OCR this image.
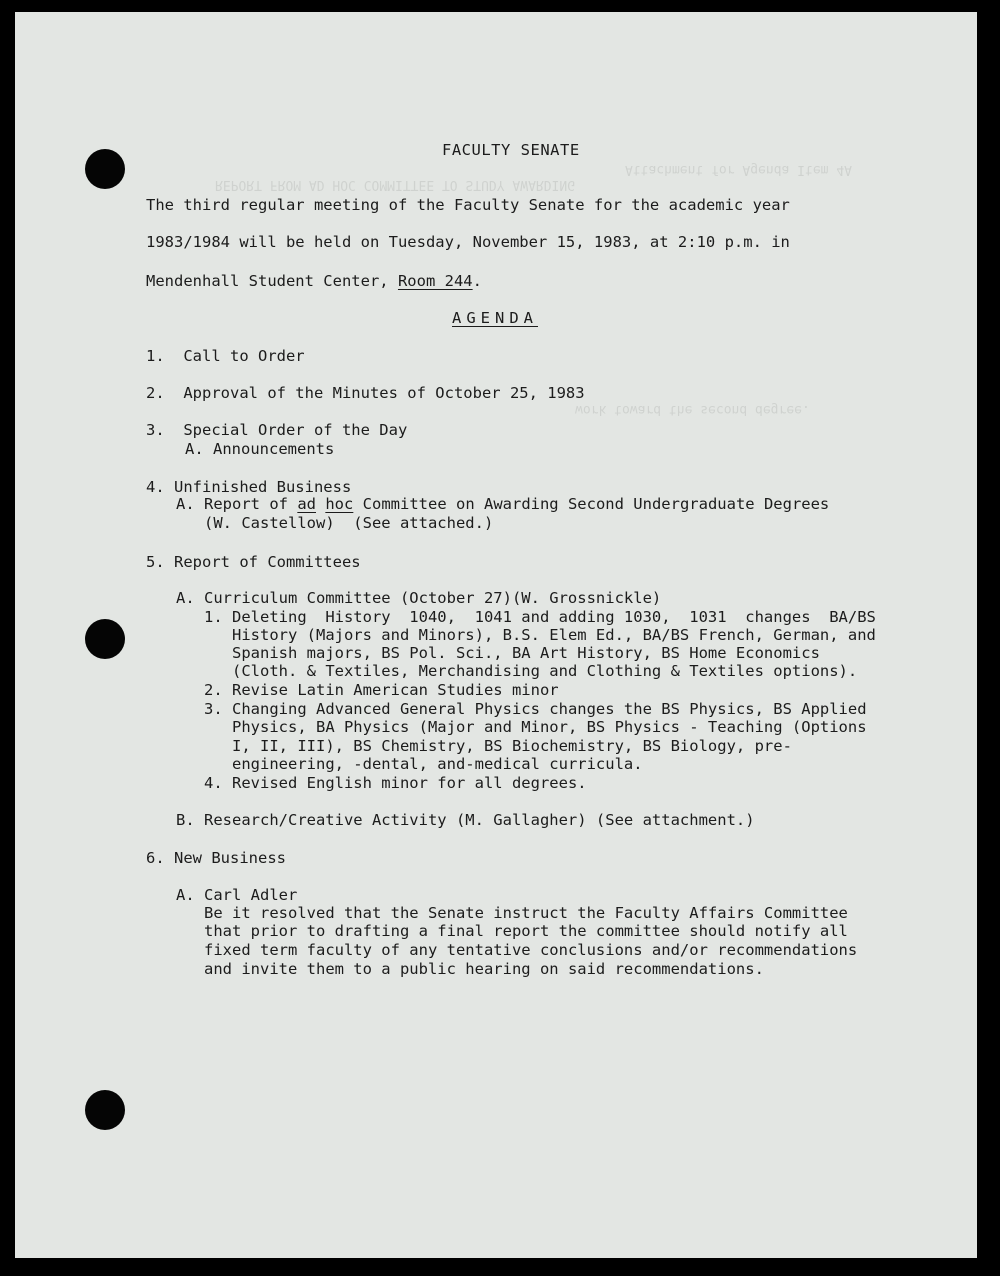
Attachment for Agenda Item 4A
REPORT FROM AD HOC COMMITTEE TO STUDY AWARDING
work toward the second degree.
FACULTY SENATE
The third regular meeting of the Faculty Senate for the academic year
1983/1984 will be held on Tuesday, November 15, 1983, at 2:10 p.m. in
Mendenhall Student Center, Room 244.
AGENDA
1.  Call to Order
2.  Approval of the Minutes of October 25, 1983
3.  Special Order of the Day
A. Announcements
4. Unfinished Business
A. Report of ad hoc Committee on Awarding Second Undergraduate Degrees
(W. Castellow)  (See attached.)
5. Report of Committees
A. Curriculum Committee (October 27)(W. Grossnickle)
1. Deleting  History  1040,  1041 and adding 1030,  1031  changes  BA/BS
History (Majors and Minors), B.S. Elem Ed., BA/BS French, German, and
Spanish majors, BS Pol. Sci., BA Art History, BS Home Economics
(Cloth. & Textiles, Merchandising and Clothing & Textiles options).
2. Revise Latin American Studies minor
3. Changing Advanced General Physics changes the BS Physics, BS Applied
Physics, BA Physics (Major and Minor, BS Physics - Teaching (Options
I, II, III), BS Chemistry, BS Biochemistry, BS Biology, pre-
engineering, -dental, and-medical curricula.
4. Revised English minor for all degrees.
B. Research/Creative Activity (M. Gallagher) (See attachment.)
6. New Business
A. Carl Adler
Be it resolved that the Senate instruct the Faculty Affairs Committee
that prior to drafting a final report the committee should notify all
fixed term faculty of any tentative conclusions and/or recommendations
and invite them to a public hearing on said recommendations.
